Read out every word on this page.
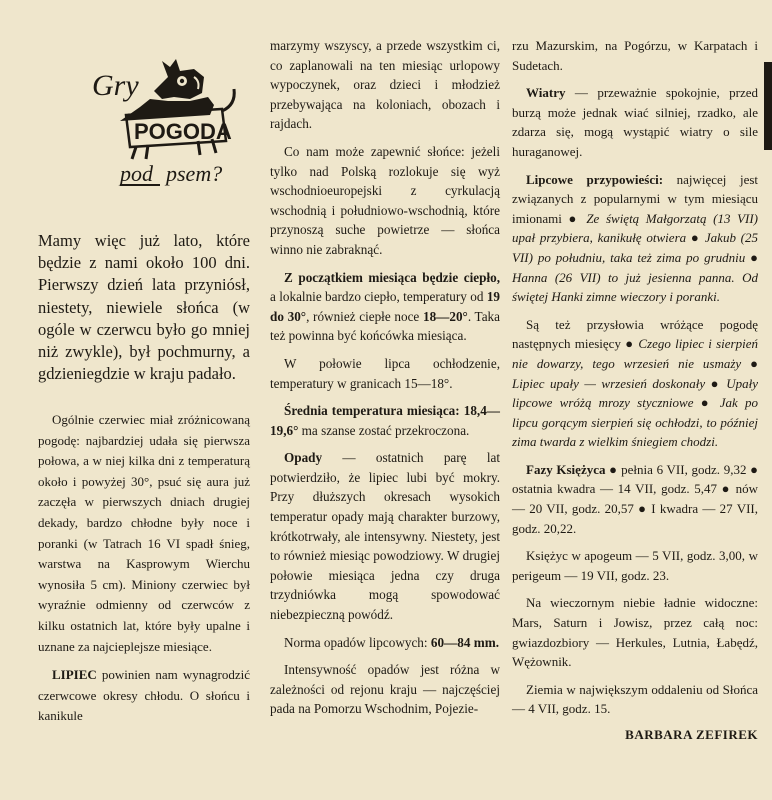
Gry
POGODA
pod psem?

Mamy więc już lato, które będzie z nami około 100 dni. Pierwszy dzień lata przyniósł, niestety, niewiele słońca (w ogóle w czerwcu było go mniej niż zwykle), był pochmurny, a gdzieniegdzie w kraju padało.

Ogólnie czerwiec miał zróżnicowaną pogodę: najbardziej udała się pierwsza połowa, a w niej kilka dni z temperaturą około i powyżej 30°, psuć się aura już zaczęła w pierwszych dniach drugiej dekady, bardzo chłodne były noce i poranki (w Tatrach 16 VI spadł śnieg, warstwa na Kasprowym Wierchu wynosiła 5 cm). Miniony czerwiec był wyraźnie odmienny od czerwców z kilku ostatnich lat, które były upalne i uznane za najcieplejsze miesiące.

LIPIEC powinien nam wynagrodzić czerwcowe okresy chłodu. O słońcu i kanikule

marzymy wszyscy, a przede wszystkim ci, co zaplanowali na ten miesiąc urlopowy wypoczynek, oraz dzieci i młodzież przebywająca na koloniach, obozach i rajdach.

Co nam może zapewnić słońce: jeżeli tylko nad Polską rozlokuje się wyż wschodnioeuropejski z cyrkulacją wschodnią i południowo-wschodnią, które przynoszą suche powietrze — słońca winno nie zabraknąć.

Z początkiem miesiąca będzie ciepło, a lokalnie bardzo ciepło, temperatury od 19 do 30°, również ciepłe noce 18—20°. Taka też powinna być końcówka miesiąca.

W połowie lipca ochłodzenie, temperatury w granicach 15—18°.

Średnia temperatura miesiąca: 18,4—19,6° ma szanse zostać przekroczona.

Opady — ostatnich parę lat potwierdziło, że lipiec lubi być mokry. Przy dłuższych okresach wysokich temperatur opady mają charakter burzowy, krótkotrwały, ale intensywny. Niestety, jest to również miesiąc powodziowy. W drugiej połowie miesiąca jedna czy druga trzydniówka mogą spowodować niebezpieczną powódź.

Norma opadów lipcowych: 60—84 mm.

Intensywność opadów jest różna w zależności od rejonu kraju — najczęściej pada na Pomorzu Wschodnim, Pojezie-

rzu Mazurskim, na Pogórzu, w Karpatach i Sudetach.

Wiatry — przeważnie spokojnie, przed burzą może jednak wiać silniej, rzadko, ale zdarza się, mogą wystąpić wiatry o sile huraganowej.

Lipcowe przypowieści: najwięcej jest związanych z popularnymi w tym miesiącu imionami ● Ze świętą Małgorzatą (13 VII) upał przybiera, kanikułę otwiera ● Jakub (25 VII) po południu, taka też zima po grudniu ● Hanna (26 VII) to już jesienna panna. Od świętej Hanki zimne wieczory i poranki.

Są też przysłowia wróżące pogodę następnych miesięcy ● Czego lipiec i sierpień nie dowarzy, tego wrzesień nie usmaży ● Lipiec upały — wrzesień doskonały ● Upały lipcowe wróżą mrozy styczniowe ● Jak po lipcu gorącym sierpień się ochłodzi, to później zima twarda z wielkim śniegiem chodzi.

Fazy Księżyca ● pełnia 6 VII, godz. 9,32 ● ostatnia kwadra — 14 VII, godz. 5,47 ● nów — 20 VII, godz. 20,57 ● I kwadra — 27 VII, godz. 20,22.

Księżyc w apogeum — 5 VII, godz. 3,00, w perigeum — 19 VII, godz. 23.

Na wieczornym niebie ładnie widoczne: Mars, Saturn i Jowisz, przez całą noc: gwiazdozbiory — Herkules, Lutnia, Łabędź, Wężownik.

Ziemia w największym oddaleniu od Słońca — 4 VII, godz. 15.

BARBARA ZEFIREK
